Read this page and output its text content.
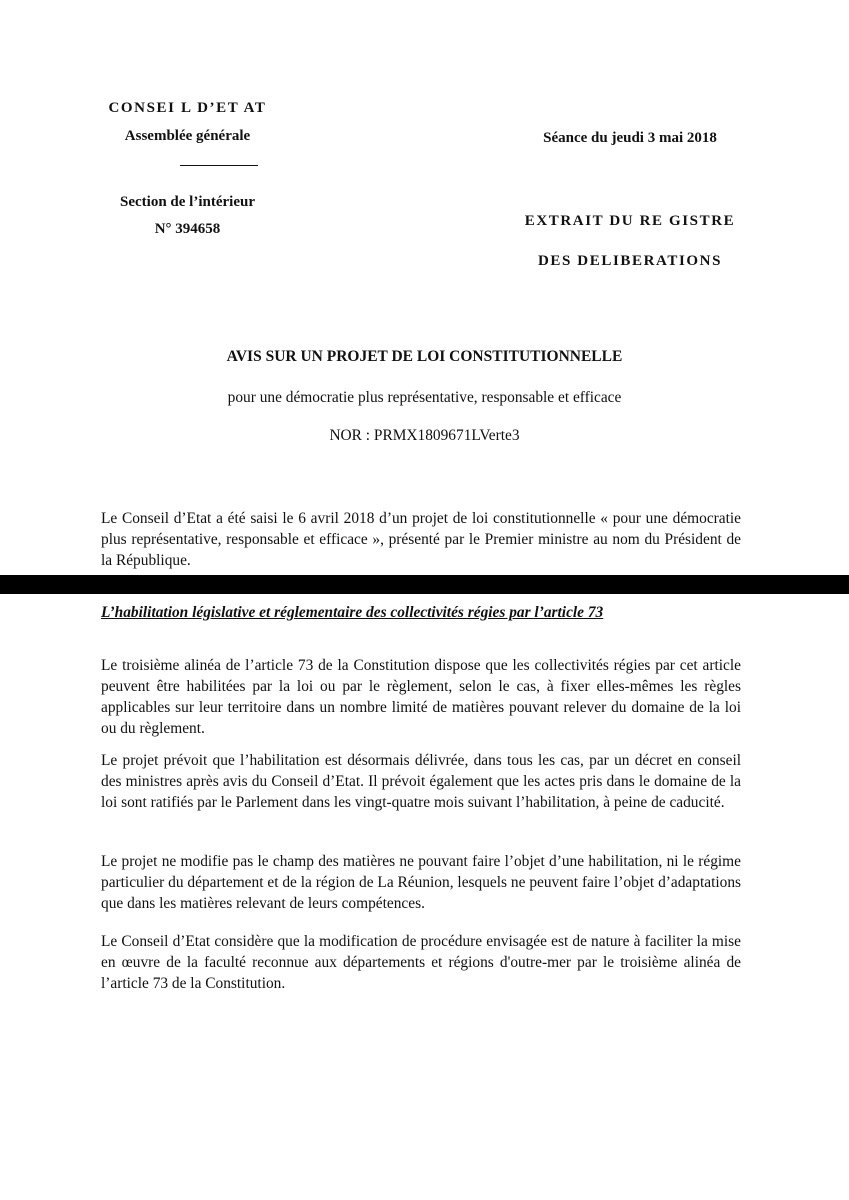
CONSEI L D’ET AT
Assemblée générale
Section de l’intérieur
N° 394658
Séance du jeudi 3 mai 2018
EXTRAIT DU RE GISTRE
DES DELIBERATIONS
AVIS SUR UN PROJET DE LOI CONSTITUTIONNELLE
pour une démocratie plus représentative, responsable et efficace
NOR : PRMX1809671LVerte3

Le Conseil d’Etat a été saisi le 6 avril 2018 d’un projet de loi constitutionnelle « pour une démocratie plus représentative, responsable et efficace », présenté par le Premier ministre au nom du Président de la République.

L’habilitation législative et réglementaire des collectivités régies par l’article 73

Le troisième alinéa de l’article 73 de la Constitution dispose que les collectivités régies par cet article peuvent être habilitées par la loi ou par le règlement, selon le cas, à fixer elles-mêmes les règles applicables sur leur territoire dans un nombre limité de matières pouvant relever du domaine de la loi ou du règlement.

Le projet prévoit que l’habilitation est désormais délivrée, dans tous les cas, par un décret en conseil des ministres après avis du Conseil d’Etat. Il prévoit également que les actes pris dans le domaine de la loi sont ratifiés par le Parlement dans les vingt-quatre mois suivant l’habilitation, à peine de caducité.

Le projet ne modifie pas le champ des matières ne pouvant faire l’objet d’une habilitation, ni le régime particulier du département et de la région de La Réunion, lesquels ne peuvent faire l’objet d’adaptations que dans les matières relevant de leurs compétences.

Le Conseil d’Etat considère que la modification de procédure envisagée est de nature à faciliter la mise en œuvre de la faculté reconnue aux départements et régions d'outre-mer par le troisième alinéa de l’article 73 de la Constitution.
